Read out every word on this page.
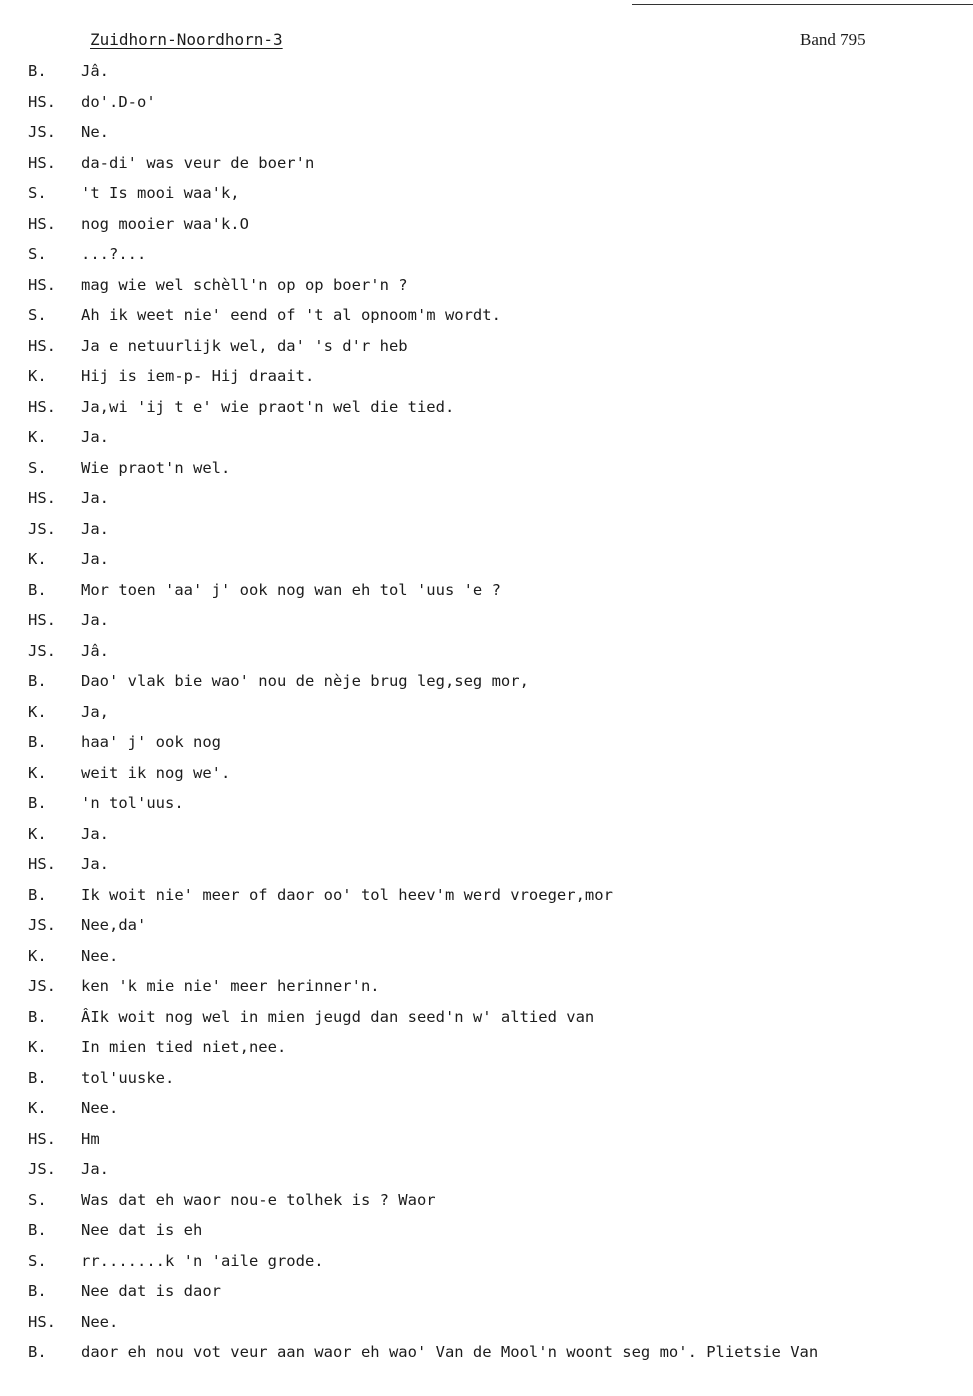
Zuidhorn-Noordhorn-3	Band 795
B. Jâ.
HS. do'.D-o'
JS. Ne.
HS. da-di' was veur de boer'n
S. 't Is mooi waa'k,
HS. nog mooier waa'k.O
S. ...?...
HS. mag wie wel schèll'n op op boer'n ?
S. Ah ik weet nie' eend of 't al opnoom'm wordt.
HS. Ja e netuurlijk wel, da' 's d'r heb
K. Hij is iem-p- Hij draait.
HS. Ja,wi 'ij t e' wie praot'n wel die tied.
K. Ja.
S. Wie praot'n wel.
HS. Ja.
JS. Ja.
K. Ja.
B. Mor toen 'aa' j' ook nog wan eh tol 'uus 'e ?
HS. Ja.
JS. Jâ.
B. Dao' vlak bie wao' nou de nèje brug leg,seg mor,
K. Ja,
B. haa' j' ook nog
K. weit ik nog we'.
B. 'n tol'uus.
K. Ja.
HS. Ja.
B. Ik woit nie' meer of daor oo' tol heev'm werd vroeger,mor
JS. Nee,da'
K. Nee.
JS. ken 'k mie nie' meer herinner'n.
B. ÂIk woit nog wel in mien jeugd dan seed'n w' altied van
K. In mien tied niet,nee.
B. tol'uuske.
K. Nee.
HS. Hm
JS. Ja.
S. Was dat eh waor nou-e tolhek is ? Waor
B. Nee dat is eh
S. rr.......k 'n 'aile grode.
B. Nee dat is daor
HS. Nee.
B. daor eh nou vot veur aan waor eh wao' Van de Mool'n woont seg mo'. Plietsie Van
